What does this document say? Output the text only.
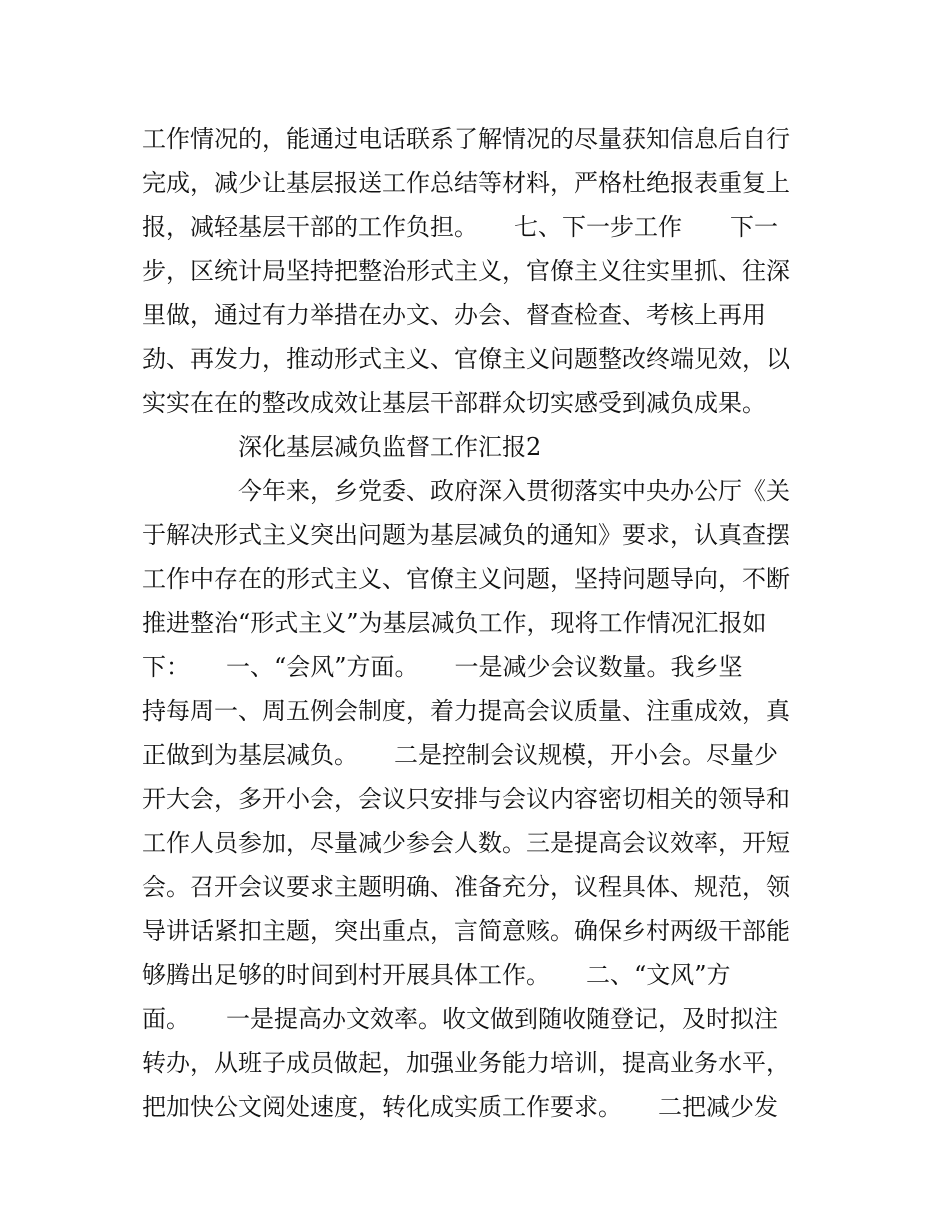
工作情况的，能通过电话联系了解情况的尽量获知信息后自行
完成，减少让基层报送工作总结等材料，严格杜绝报表重复上
报，减轻基层干部的工作负担。　　七、下一步工作　　下一
步，区统计局坚持把整治形式主义，官僚主义往实里抓、往深
里做，通过有力举措在办文、办会、督查检查、考核上再用
劲、再发力，推动形式主义、官僚主义问题整改终端见效，以
实实在在的整改成效让基层干部群众切实感受到减负成果。
　　　　深化基层减负监督工作汇报2
　　　　今年来，乡党委、政府深入贯彻落实中央办公厅《关
于解决形式主义突出问题为基层减负的通知》要求，认真查摆
工作中存在的形式主义、官僚主义问题，坚持问题导向，不断
推进整治“形式主义”为基层减负工作，现将工作情况汇报如
下：　　一、“会风”方面。　　一是减少会议数量。我乡坚
持每周一、周五例会制度，着力提高会议质量、注重成效，真
正做到为基层减负。　　二是控制会议规模，开小会。尽量少
开大会，多开小会，会议只安排与会议内容密切相关的领导和
工作人员参加，尽量减少参会人数。三是提高会议效率，开短
会。召开会议要求主题明确、准备充分，议程具体、规范，领
导讲话紧扣主题，突出重点，言简意赅。确保乡村两级干部能
够腾出足够的时间到村开展具体工作。　　二、“文风”方
面。　　一是提高办文效率。收文做到随收随登记，及时拟注
转办，从班子成员做起，加强业务能力培训，提高业务水平，
把加快公文阅处速度，转化成实质工作要求。　　二把减少发
